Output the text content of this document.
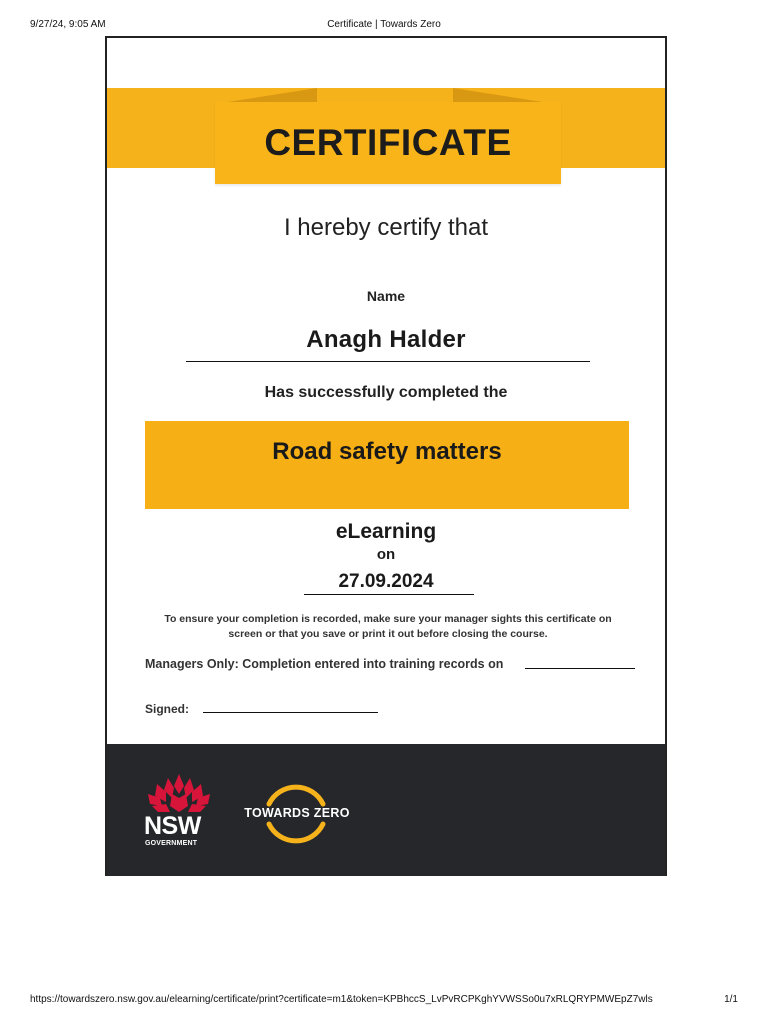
9/27/24, 9:05 AM	Certificate | Towards Zero
CERTIFICATE
I hereby certify that
Name
Anagh Halder
Has successfully completed the
Road safety matters
eLearning
on
27.09.2024
To ensure your completion is recorded, make sure your manager sights this certificate on screen or that you save or print it out before closing the course.
Managers Only: Completion entered into training records on
Signed:
NSW
GOVERNMENT
TOWARDS ZERO
https://towardszero.nsw.gov.au/elearning/certificate/print?certificate=m1&token=KPBhccS_LvPvRCPKghYVWSSo0u7xRLQRYPMWEpZ7wls	1/1
